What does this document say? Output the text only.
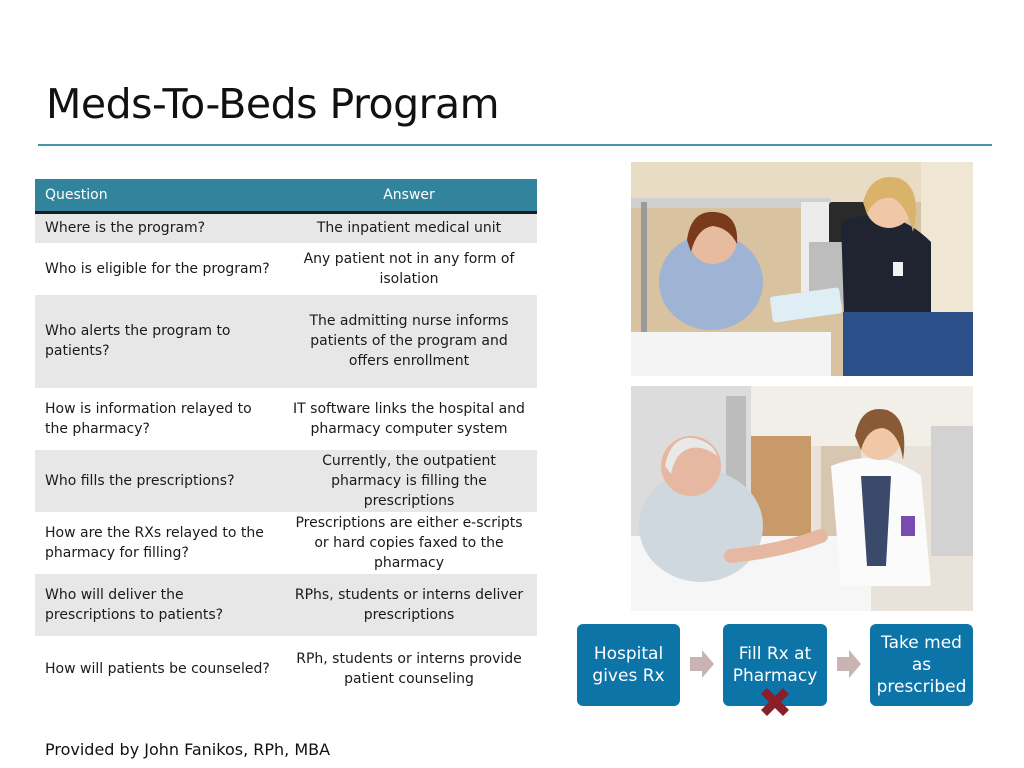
Meds-To-Beds Program
Question	Answer
Where is the program?	The inpatient medical unit
Who is eligible for the program?	Any patient not in any form of isolation
Who alerts the program to patients?	The admitting nurse informs patients of the program and offers enrollment
How is information relayed to the pharmacy?	IT software links the hospital and pharmacy computer system
Who fills the prescriptions?	Currently, the outpatient pharmacy is filling the prescriptions
How are the RXs relayed to the pharmacy for filling?	Prescriptions are either e-scripts or hard copies faxed to the pharmacy
Who will deliver the prescriptions to patients?	RPhs, students or interns deliver prescriptions
How will patients be counseled?	RPh, students or interns provide patient counseling
Hospital gives Rx
Fill Rx at Pharmacy
Take med as prescribed
Provided by John Fanikos, RPh, MBA
